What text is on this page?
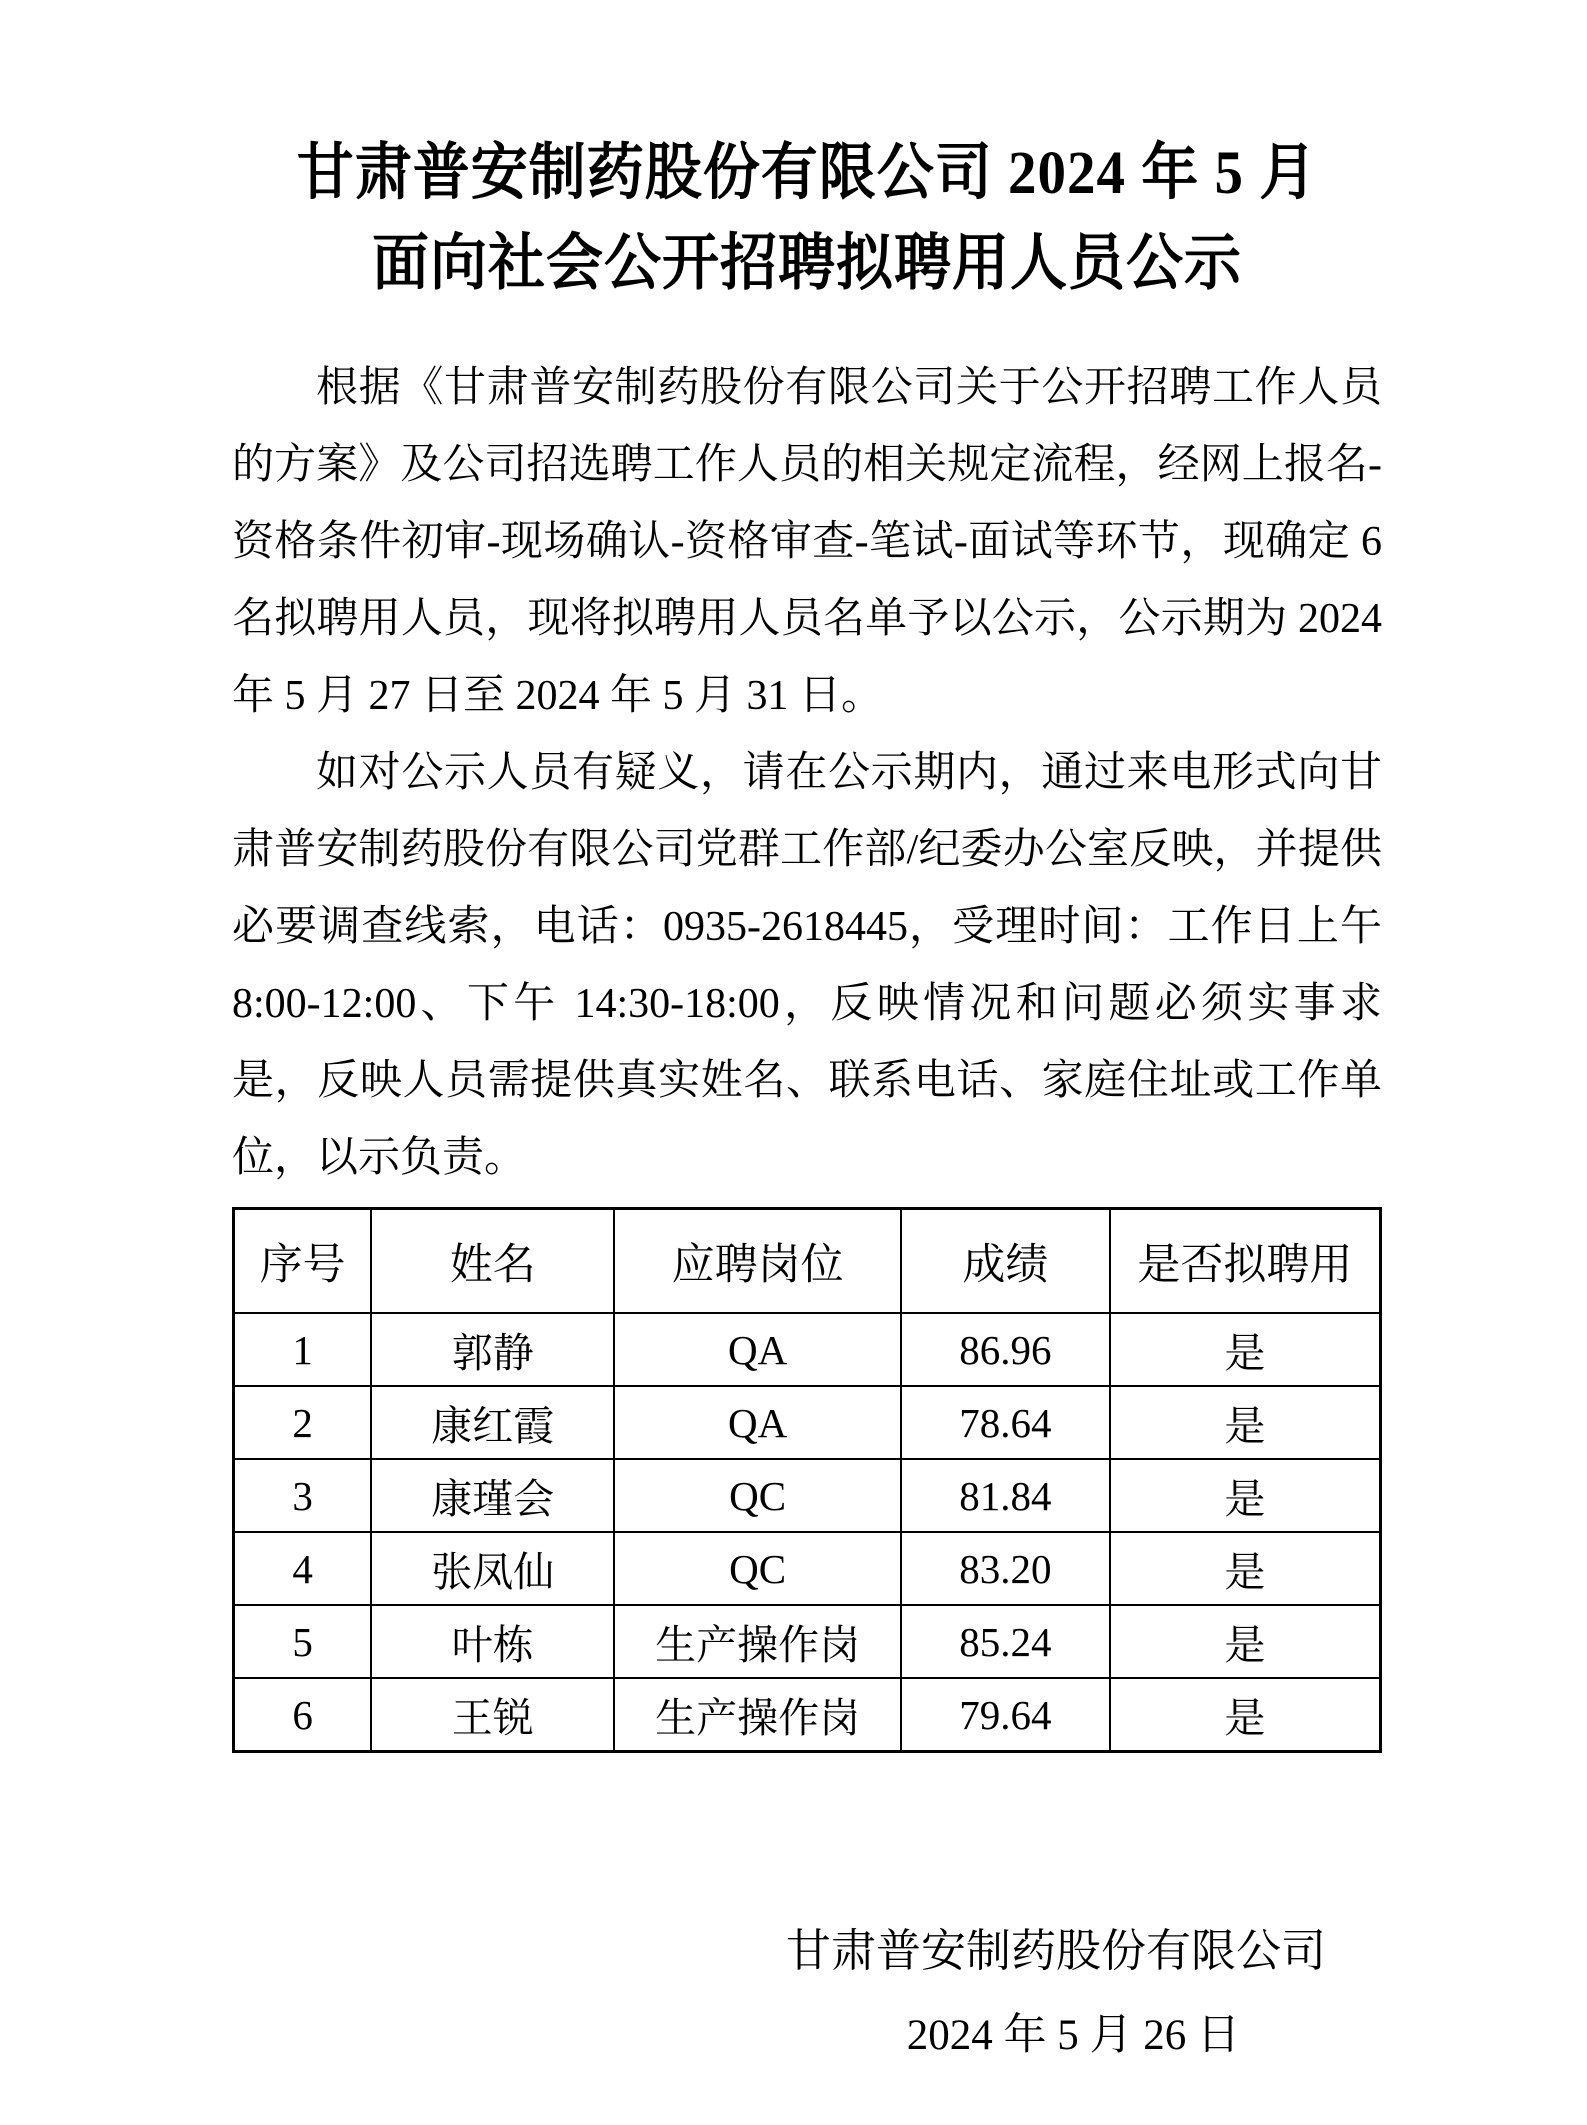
甘肃普安制药股份有限公司 2024 年 5 月
面向社会公开招聘拟聘用人员公示

根据《甘肃普安制药股份有限公司关于公开招聘工作人员的方案》及公司招选聘工作人员的相关规定流程，经网上报名-资格条件初审-现场确认-资格审查-笔试-面试等环节，现确定 6 名拟聘用人员，现将拟聘用人员名单予以公示，公示期为 2024 年 5 月 27 日至 2024 年 5 月 31 日。

如对公示人员有疑义，请在公示期内，通过来电形式向甘肃普安制药股份有限公司党群工作部/纪委办公室反映，并提供必要调查线索，电话：0935-2618445，受理时间：工作日上午 8:00-12:00、下午 14:30-18:00，反映情况和问题必须实事求是，反映人员需提供真实姓名、联系电话、家庭住址或工作单位，以示负责。

序号	姓名	应聘岗位	成绩	是否拟聘用
1	郭静	QA	86.96	是
2	康红霞	QA	78.64	是
3	康瑾会	QC	81.84	是
4	张凤仙	QC	83.20	是
5	叶栋	生产操作岗	85.24	是
6	王锐	生产操作岗	79.64	是
甘肃普安制药股份有限公司
2024 年 5 月 26 日
